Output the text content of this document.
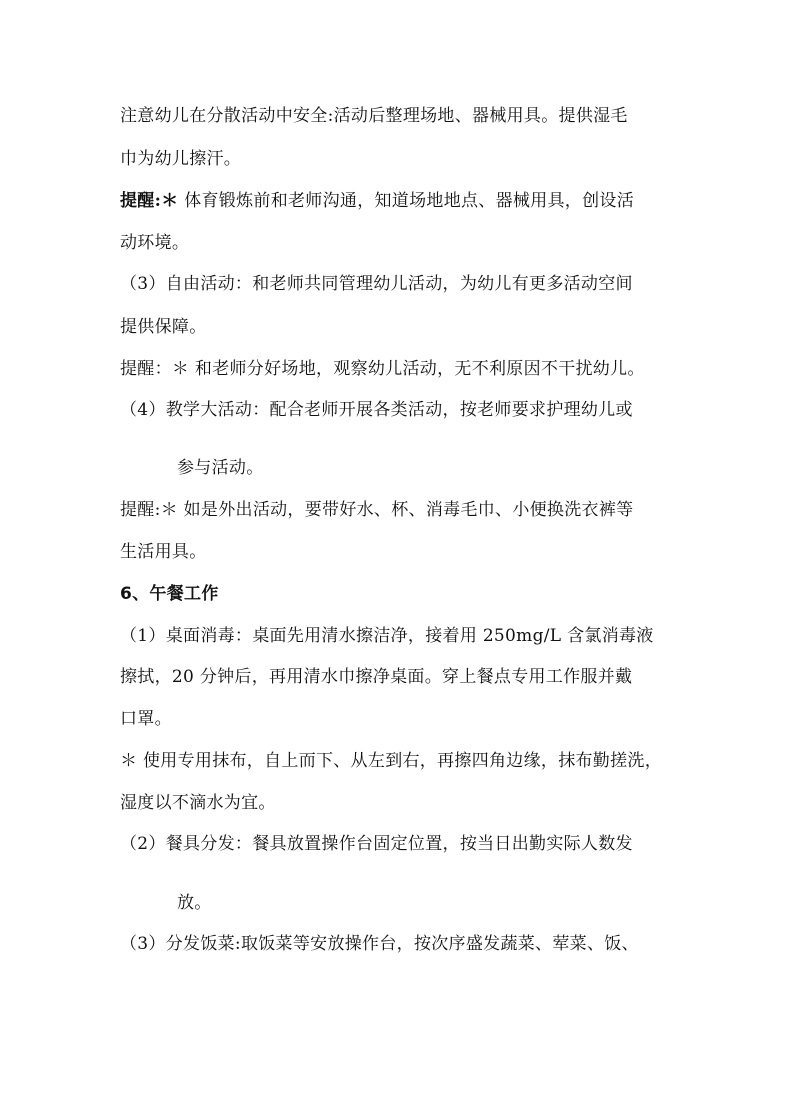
注意幼儿在分散活动中安全:活动后整理场地、器械用具。提供湿毛
巾为幼儿擦汗。
提醒:＊ 体育锻炼前和老师沟通，知道场地地点、器械用具，创设活
动环境。
（3）自由活动：和老师共同管理幼儿活动，为幼儿有更多活动空间
提供保障。
提醒：＊ 和老师分好场地，观察幼儿活动，无不利原因不干扰幼儿。
（4）教学大活动：配合老师开展各类活动，按老师要求护理幼儿或
参与活动。
提醒:＊ 如是外出活动，要带好水、杯、消毒毛巾、小便换洗衣裤等
生活用具。
6、午餐工作
（1）桌面消毒：桌面先用清水擦洁净，接着用 250mg/L 含氯消毒液
擦拭，20 分钟后，再用清水巾擦净桌面。穿上餐点专用工作服并戴
口罩。
＊ 使用专用抹布，自上而下、从左到右，再擦四角边缘，抹布勤搓洗，
湿度以不滴水为宜。
（2）餐具分发：餐具放置操作台固定位置，按当日出勤实际人数发
放。
（3）分发饭菜:取饭菜等安放操作台，按次序盛发蔬菜、荤菜、饭、
